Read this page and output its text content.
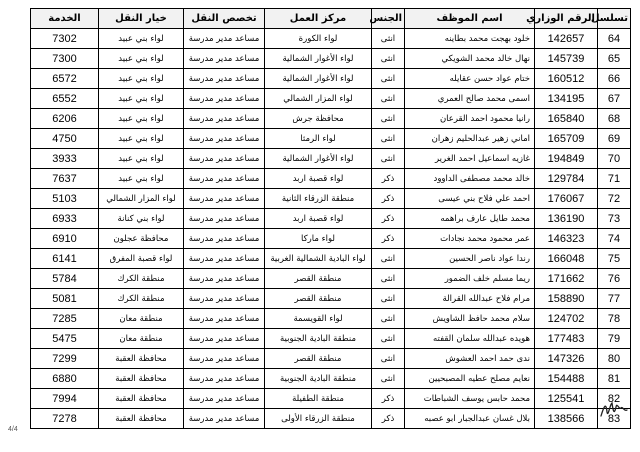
تسلسل	الرقم الوزاري	اسم الموظف	الجنس	مركز العمل	تخصص النقل	خيار النقل	الخدمة
64	142657	خلود بهجت محمد بطاينه	انثى	لواء الكورة	مساعد مدير مدرسة	لواء بني عبيد	7302
65	145739	نهال خالد محمد الشويكي	انثى	لواء الأغوار الشمالية	مساعد مدير مدرسة	لواء بني عبيد	7300
66	160512	ختام عواد حسن عقايله	انثى	لواء الأغوار الشمالية	مساعد مدير مدرسة	لواء بني عبيد	6572
67	134195	اسمى محمد صالح العمري	انثى	لواء المزار الشمالي	مساعد مدير مدرسة	لواء بني عبيد	6552
68	165840	رانيا محمود احمد القرعان	انثى	محافظة جرش	مساعد مدير مدرسة	لواء بني عبيد	6206
69	165709	اماني زهير عبدالحليم زهران	انثى	لواء الرمثا	مساعد مدير مدرسة	لواء بني عبيد	4750
70	194849	غازيه اسماعيل احمد الغرير	انثى	لواء الأغوار الشمالية	مساعد مدير مدرسة	لواء بني عبيد	3933
71	129784	خالد محمد مصطفى الداوود	ذكر	لواء قصبة اربد	مساعد مدير مدرسة	لواء بني عبيد	7637
72	176067	احمد علي فلاح بني عيسى	ذكر	منطقة الزرقاء الثانية	مساعد مدير مدرسة	لواء المزار الشمالي	5103
73	136190	محمد طايل عارف براهمه	ذكر	لواء قصبة اربد	مساعد مدير مدرسة	لواء بني كنانة	6933
74	146323	عمر محمود محمد نجادات	ذكر	لواء ماركا	مساعد مدير مدرسة	محافظة عجلون	6910
75	166048	رندا عواد ناصر الحسين	انثى	لواء البادية الشمالية الغربية	مساعد مدير مدرسة	لواء قصبة المفرق	6141
76	171662	ريما مسلم خلف الضمور	انثى	منطقة القصر	مساعد مدير مدرسة	منطقة الكرك	5784
77	158890	مرام فلاح عبدالله القرالة	انثى	منطقة القصر	مساعد مدير مدرسة	منطقة الكرك	5081
78	124702	سلام محمد حافظ الشاويش	انثى	لواء القويسمة	مساعد مدير مدرسة	منطقة معان	7285
79	177483	هويده عبدالله سلمان القفته	انثى	منطقة البادية الجنوبية	مساعد مدير مدرسة	منطقة معان	5475
80	147326	ندى حمد احمد العشوش	انثى	منطقة القصر	مساعد مدير مدرسة	محافظة العقبة	7299
81	154488	نعايم مصلح عطيه المصبحيين	انثى	منطقة البادية الجنوبية	مساعد مدير مدرسة	محافظة العقبة	6880
82	125541	محمد حابس يوسف الشباطات	ذكر	منطقة الطفيلة	مساعد مدير مدرسة	محافظة العقبة	7994
83	138566	بلال غسان عبدالجبار ابو عصبه	ذكر	منطقة الزرقاء الأولى	مساعد مدير مدرسة	محافظة العقبة	7278
4/4
